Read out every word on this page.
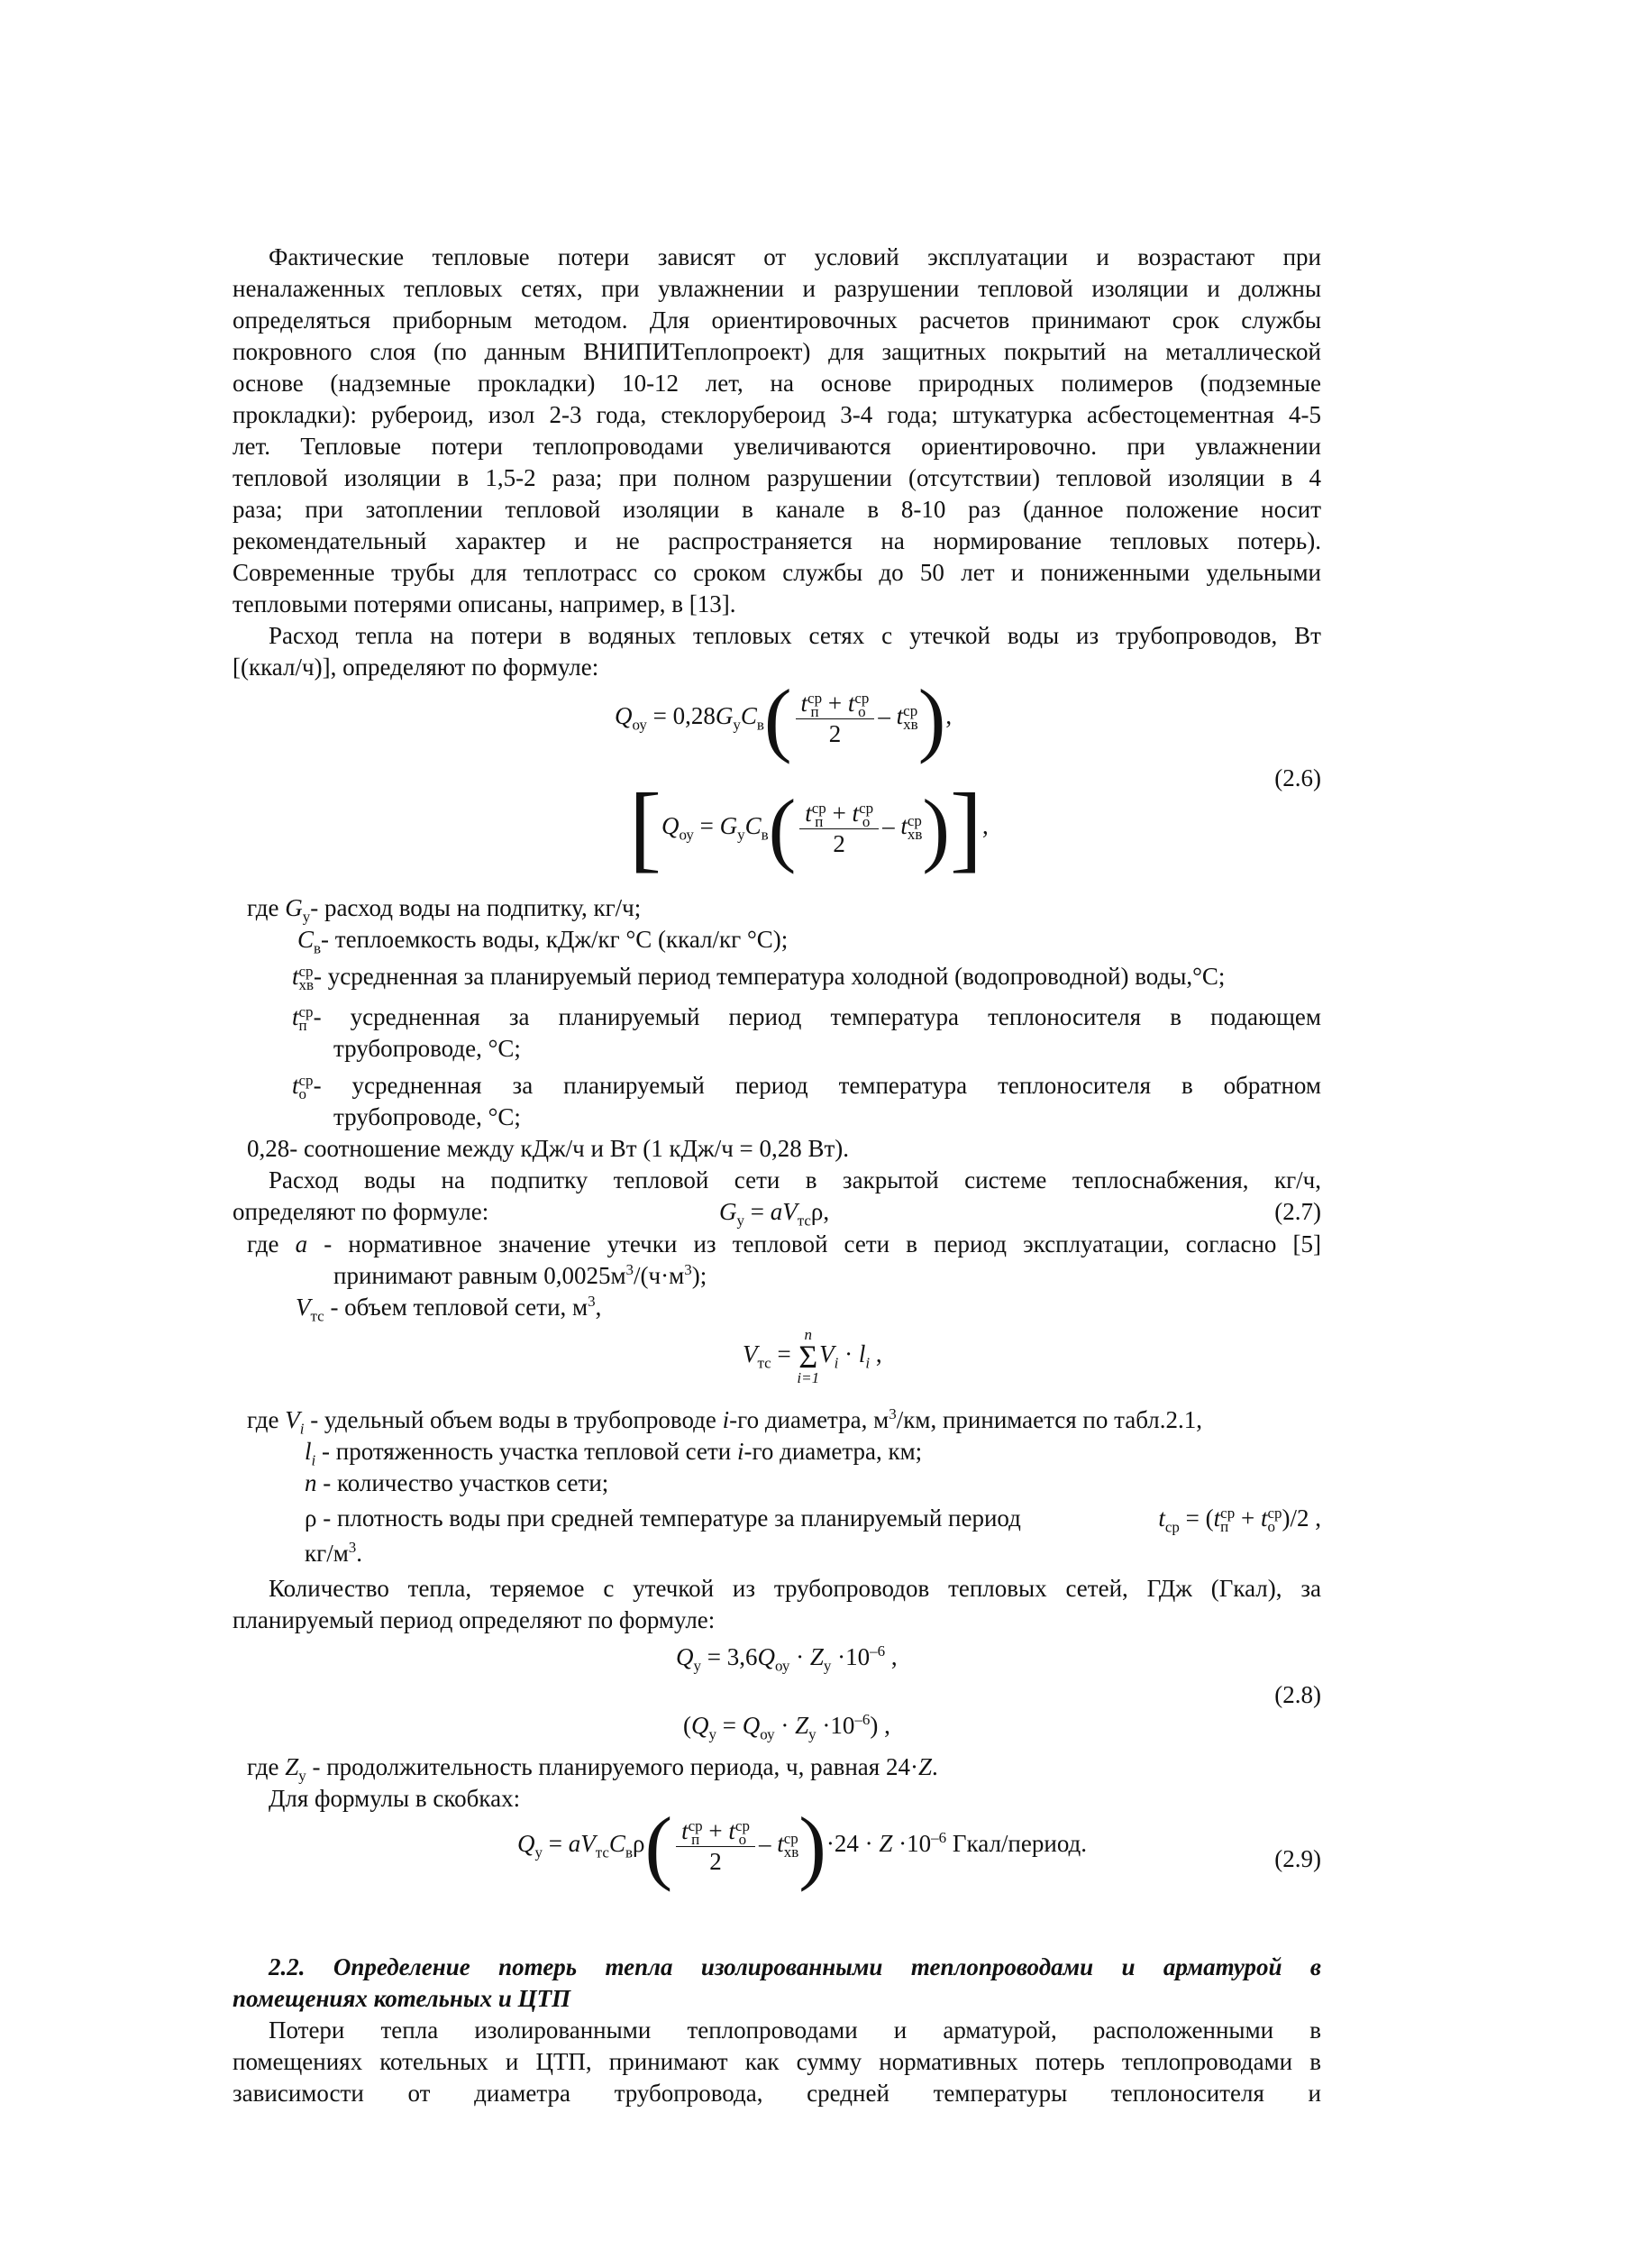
Фактические тепловые потери зависят от условий эксплуатации и возрастают при

неналаженных тепловых сетях, при увлажнении и разрушении тепловой изоляции и должны

определяться приборным методом. Для ориентировочных расчетов принимают срок службы

покровного слоя (по данным ВНИПИТеплопроект) для защитных покрытий на металлической

основе (надземные прокладки) 10-12 лет, на основе природных полимеров (подземные

прокладки): рубероид, изол 2-3 года, стеклорубероид 3-4 года; штукатурка асбестоцементная 4-5

лет. Тепловые потери теплопроводами увеличиваются ориентировочно. при увлажнении

тепловой изоляции в 1,5-2 раза; при полном разрушении (отсутствии) тепловой изоляции в 4

раза; при затоплении тепловой изоляции в канале в 8-10 раз (данное положение носит

рекомендательный характер и не распространяется на нормирование тепловых потерь).

Современные трубы для теплотрасс со сроком службы до 50 лет и пониженными удельными

тепловыми потерями описаны, например, в [13].

Расход тепла на потери в водяных тепловых сетях с утечкой воды из трубопроводов, Вт

[(ккал/ч)], определяют по формуле:

$Q_{оу} = 0,28G_уC_в$( t ср
п + t ср
о
2 – t ср
хв ),
(2.6)
[$Q_{оу} = G_уC_в$( t ср
п + t ср
о
2 – t ср
хв )],
где $G_y$ - расход воды на подпитку, кг/ч;
$C_в$ - теплоемкость воды, кДж/кг °С (ккал/кг °С);
t ср
хв - усредненная за планируемый период температура холодной (водопроводной) воды,°С;
t ср
п - усредненная за планируемый период температура теплоносителя в подающем
трубопроводе, °С;
t ср
о - усредненная за планируемый период температура теплоносителя в обратном
трубопроводе, °С;
0,28 - соотношение между кДж/ч и Вт (1 кДж/ч = 0,28 Вт).

Расход воды на подпитку тепловой сети в закрытой системе теплоснабжения, кг/ч,

определяют по формуле:	$G_у = aV_{тс}\rho$,	(2.7)
где a - нормативное значение утечки из тепловой сети в период эксплуатации, согласно [5]
принимают равным $0,0025м^3/(ч\cdot м^3)$;
$V_{тс}$ - объем тепловой сети, $м^3$,
$V_{тс}$ =
n
Σ
i=1
$V_i \cdot l_i$ ,
где $V_i$ - удельный объем воды в трубопроводе i-го диаметра, $м^3/км$, принимается по табл.2.1,
$l_i$ - протяженность участка тепловой сети i-го диаметра, км;
n - количество участков сети;
ρ - плотность воды при средней температуре за планируемый период	$t_{ср} = (t$ ср
п + t ср
о )/2 ,
$кг/м^3$.

Количество тепла, теряемое с утечкой из трубопроводов тепловых сетей, ГДж (Гкал), за

планируемый период определяют по формуле:

$Q_у = 3,6Q_{оу} \cdot Z_у \cdot 10^{-6}$ ,
(2.8)
$(Q_у = Q_{оу} \cdot Z_у \cdot 10^{-6})$ ,
где $Z_у$ - продолжительность планируемого периода, ч, равная 24·Z.

Для формулы в скобках:

$Q_у = aV_{тс}C_в\rho$( t ср
п + t ср
о
2 – t ср
хв )$\cdot 24 \cdot Z \cdot 10^{-6}$ Гкал/период.
(2.9)

2.2. Определение потерь тепла изолированными теплопроводами и арматурой в

помещениях котельных и ЦТП

Потери тепла изолированными теплопроводами и арматурой, расположенными в

помещениях котельных и ЦТП, принимают как сумму нормативных потерь теплопроводами в

зависимости от диаметра трубопровода, средней температуры теплоносителя и
